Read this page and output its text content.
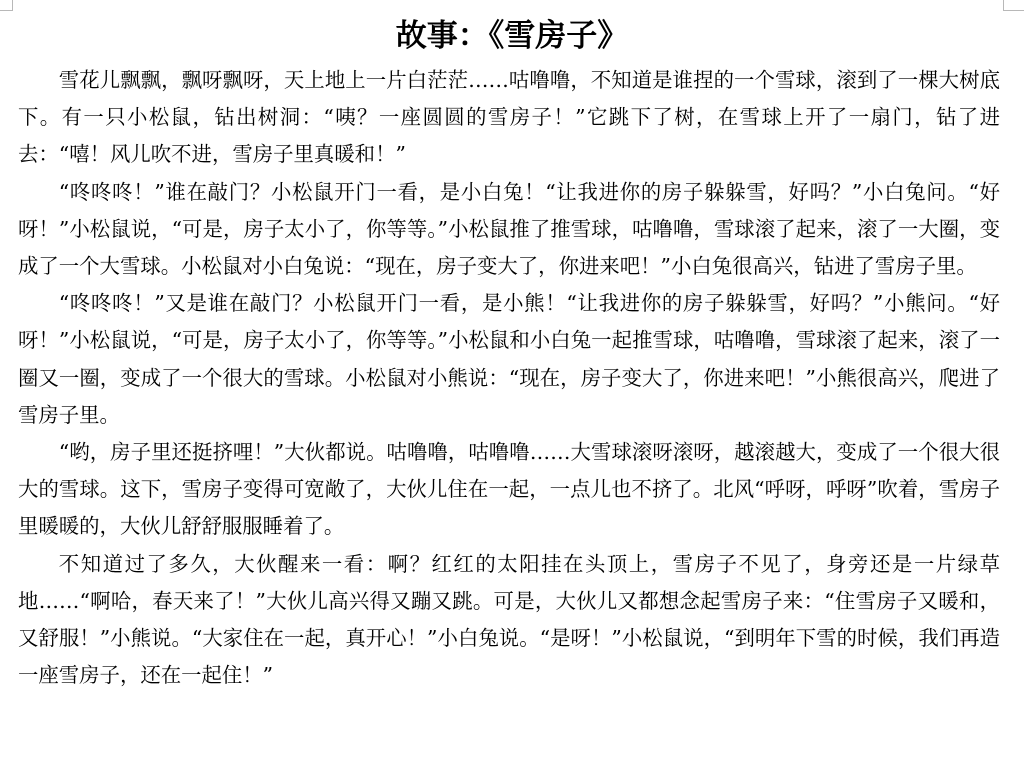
故事：《雪房子》

雪花儿飘飘，飘呀飘呀，天上地上一片白茫茫……咕噜噜，不知道是谁捏的一个雪球，滚到了一棵大树底下。有一只小松鼠，钻出树洞：“咦？一座圆圆的雪房子！”它跳下了树，在雪球上开了一扇门，钻了进去：“嘻！风儿吹不进，雪房子里真暖和！”

“咚咚咚！”谁在敲门？小松鼠开门一看，是小白兔！“让我进你的房子躲躲雪，好吗？”小白兔问。“好呀！”小松鼠说，“可是，房子太小了，你等等。”小松鼠推了推雪球，咕噜噜，雪球滚了起来，滚了一大圈，变成了一个大雪球。小松鼠对小白兔说：“现在，房子变大了，你进来吧！”小白兔很高兴，钻进了雪房子里。

“咚咚咚！”又是谁在敲门？小松鼠开门一看，是小熊！“让我进你的房子躲躲雪，好吗？”小熊问。“好呀！”小松鼠说，“可是，房子太小了，你等等。”小松鼠和小白兔一起推雪球，咕噜噜，雪球滚了起来，滚了一圈又一圈，变成了一个很大的雪球。小松鼠对小熊说：“现在，房子变大了，你进来吧！”小熊很高兴，爬进了雪房子里。

“哟，房子里还挺挤哩！”大伙都说。咕噜噜，咕噜噜……大雪球滚呀滚呀，越滚越大，变成了一个很大很大的雪球。这下，雪房子变得可宽敞了，大伙儿住在一起，一点儿也不挤了。北风“呼呀，呼呀”吹着，雪房子里暖暖的，大伙儿舒舒服服睡着了。

不知道过了多久，大伙醒来一看：啊？红红的太阳挂在头顶上，雪房子不见了，身旁还是一片绿草地……“啊哈，春天来了！”大伙儿高兴得又蹦又跳。可是，大伙儿又都想念起雪房子来：“住雪房子又暖和，又舒服！”小熊说。“大家住在一起，真开心！”小白兔说。“是呀！”小松鼠说，“到明年下雪的时候，我们再造一座雪房子，还在一起住！”
